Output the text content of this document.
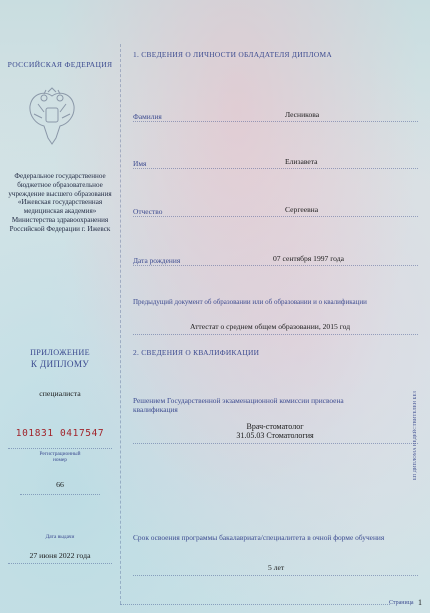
РОССИЙСКАЯ ФЕДЕРАЦИЯ
Федеральное государственное бюджетное образовательное учреждение высшего образования «Ижевская государственная медицинская академия» Министерства здравоохранения Российской Федерации г. Ижевск
ПРИЛОЖЕНИЕ
К ДИПЛОМУ
специалиста
101831 0417547
Регистрационный номер
66
Дата выдачи
27 июня 2022 года
1. СВЕДЕНИЯ О ЛИЧНОСТИ ОБЛАДАТЕЛЯ ДИПЛОМА
Фамилия	Лесникова
Имя	Елизавета
Отчество	Сергеевна
Дата рождения	07 сентября 1997 года
Предыдущий документ об образовании или об образовании и о квалификации
Аттестат о среднем общем образовании, 2015 год
2. СВЕДЕНИЯ О КВАЛИФИКАЦИИ
Решением Государственной экзаменационной комиссии присвоена квалификация
Врач-стоматолог
31.05.03 Стоматология
Срок освоения программы бакалавриата/специалитета в очной форме обучения
5 лет
Страница 1
БП ДИПЛОМА НЕДЕЙСТВИТЕЛЕН БЕЗ
